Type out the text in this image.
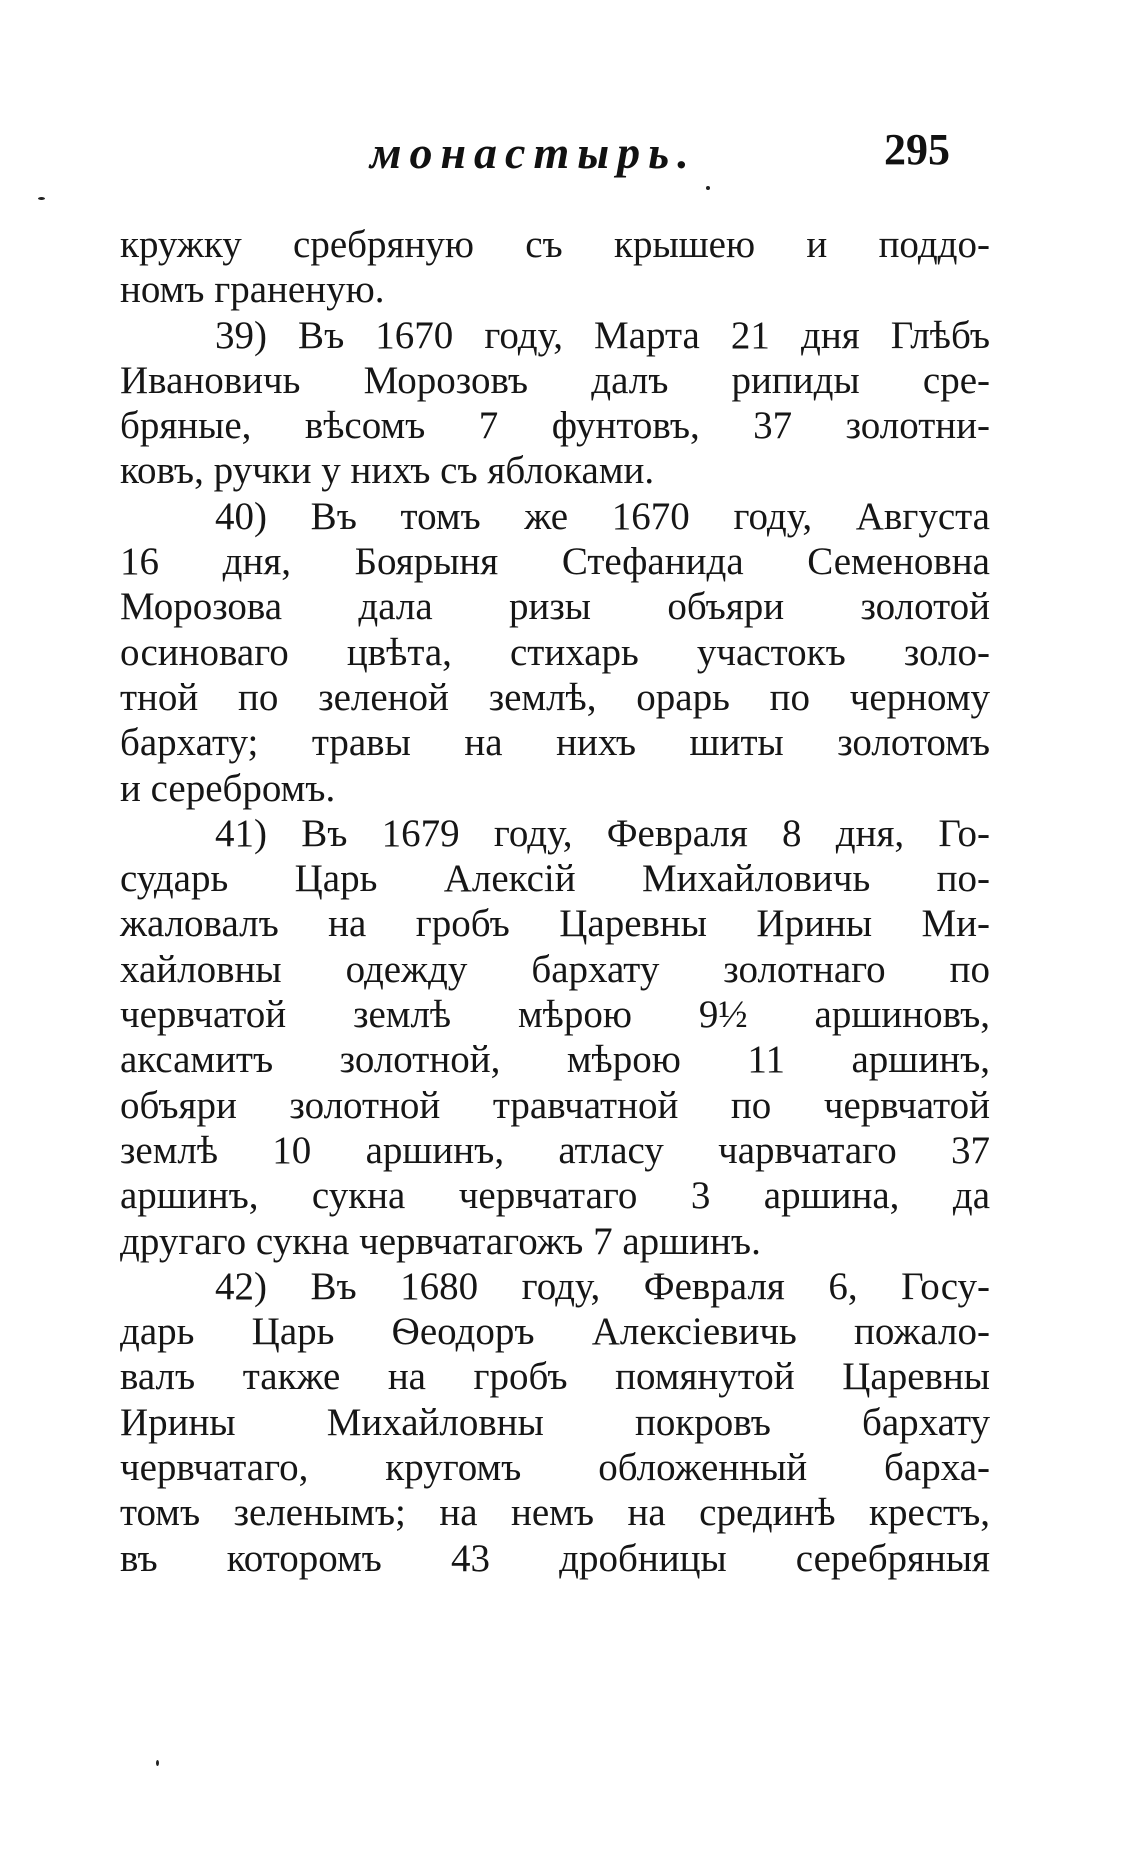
монастырь.	295
кружку сребряную съ крышею и поддо-
номъ граненую.
39) Въ 1670 году, Марта 21 дня Глѣбъ
Ивановичь Морозовъ далъ рипиды сре-
бряные, вѣсомъ 7 фунтовъ, 37 золотни-
ковъ, ручки у нихъ съ яблоками.
40) Въ томъ же 1670 году, Августа
16 дня, Боярыня Стефанида Семеновна
Морозова дала ризы объяри золотой
осиноваго цвѣта, стихарь участокъ золо-
тной по зеленой землѣ, орарь по черному
бархату; травы на нихъ шиты золотомъ
и серебромъ.
41) Въ 1679 году, Февраля 8 дня, Го-
сударь Царь Алексій Михайловичь по-
жаловалъ на гробъ Царевны Ирины Ми-
хайловны одежду бархату золотнаго по
червчатой землѣ мѣрою 9½ аршиновъ,
аксамитъ золотной, мѣрою 11 аршинъ,
объяри золотной травчатной по червчатой
землѣ 10 аршинъ, атласу чарвчатаго 37
аршинъ, сукна червчатаго 3 аршина, да
другаго сукна червчатагожъ 7 аршинъ.
42) Въ 1680 году, Февраля 6, Госу-
дарь Царь Ѳеодоръ Алексіевичь пожало-
валъ также на гробъ помянутой Царевны
Ирины Михайловны покровъ бархату
червчатаго, кругомъ обложенный барха-
томъ зеленымъ; на немъ на срединѣ крестъ,
въ которомъ 43 дробницы серебряныя
